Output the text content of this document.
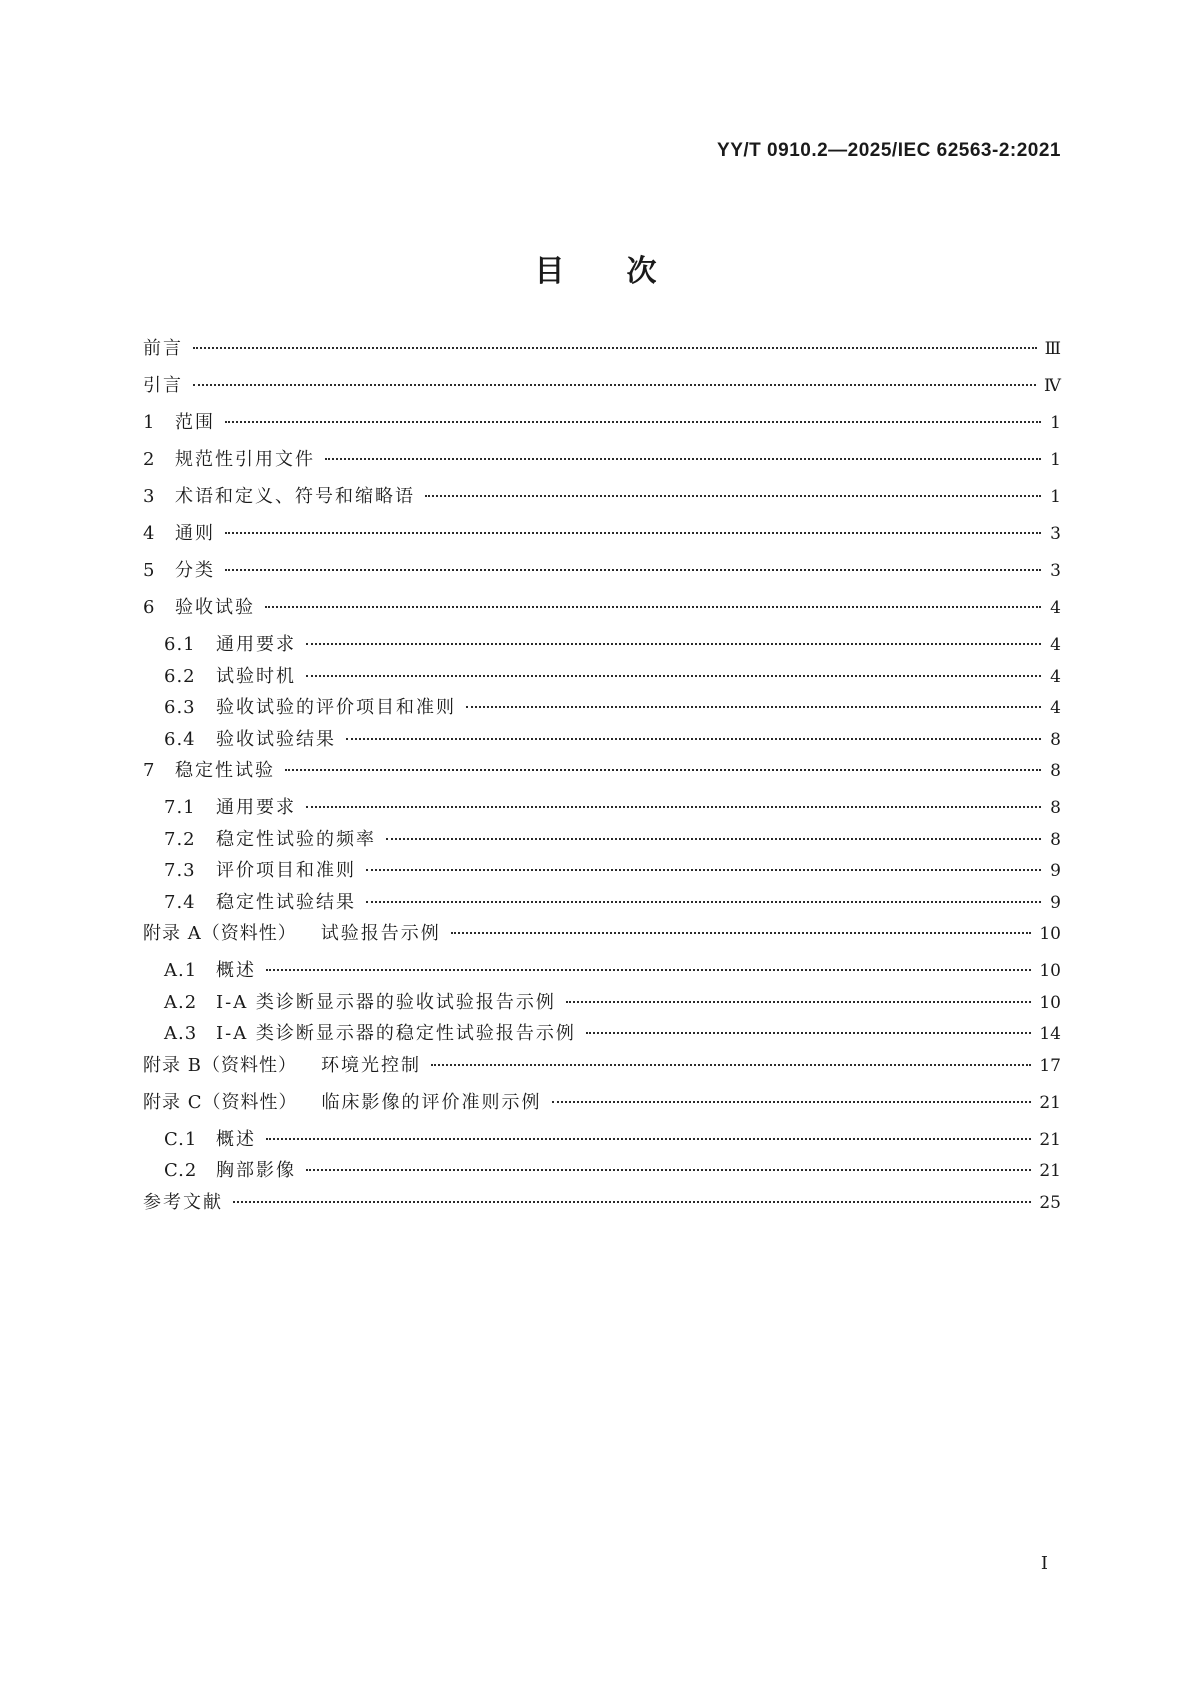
YY/T 0910.2—2025/IEC 62563-2:2021
目次
前言	Ⅲ
引言	Ⅳ
1	范围	1
2	规范性引用文件	1
3	术语和定义、符号和缩略语	1
4	通则	3
5	分类	3
6	验收试验	4
6.1	通用要求	4
6.2	试验时机	4
6.3	验收试验的评价项目和准则	4
6.4	验收试验结果	8
7	稳定性试验	8
7.1	通用要求	8
7.2	稳定性试验的频率	8
7.3	评价项目和准则	9
7.4	稳定性试验结果	9
附录 A（资料性）	试验报告示例	10
A.1	概述	10
A.2	Ⅰ-A 类诊断显示器的验收试验报告示例	10
A.3	Ⅰ-A 类诊断显示器的稳定性试验报告示例	14
附录 B（资料性）	环境光控制	17
附录 C（资料性）	临床影像的评价准则示例	21
C.1	概述	21
C.2	胸部影像	21
参考文献	25
Ⅰ
